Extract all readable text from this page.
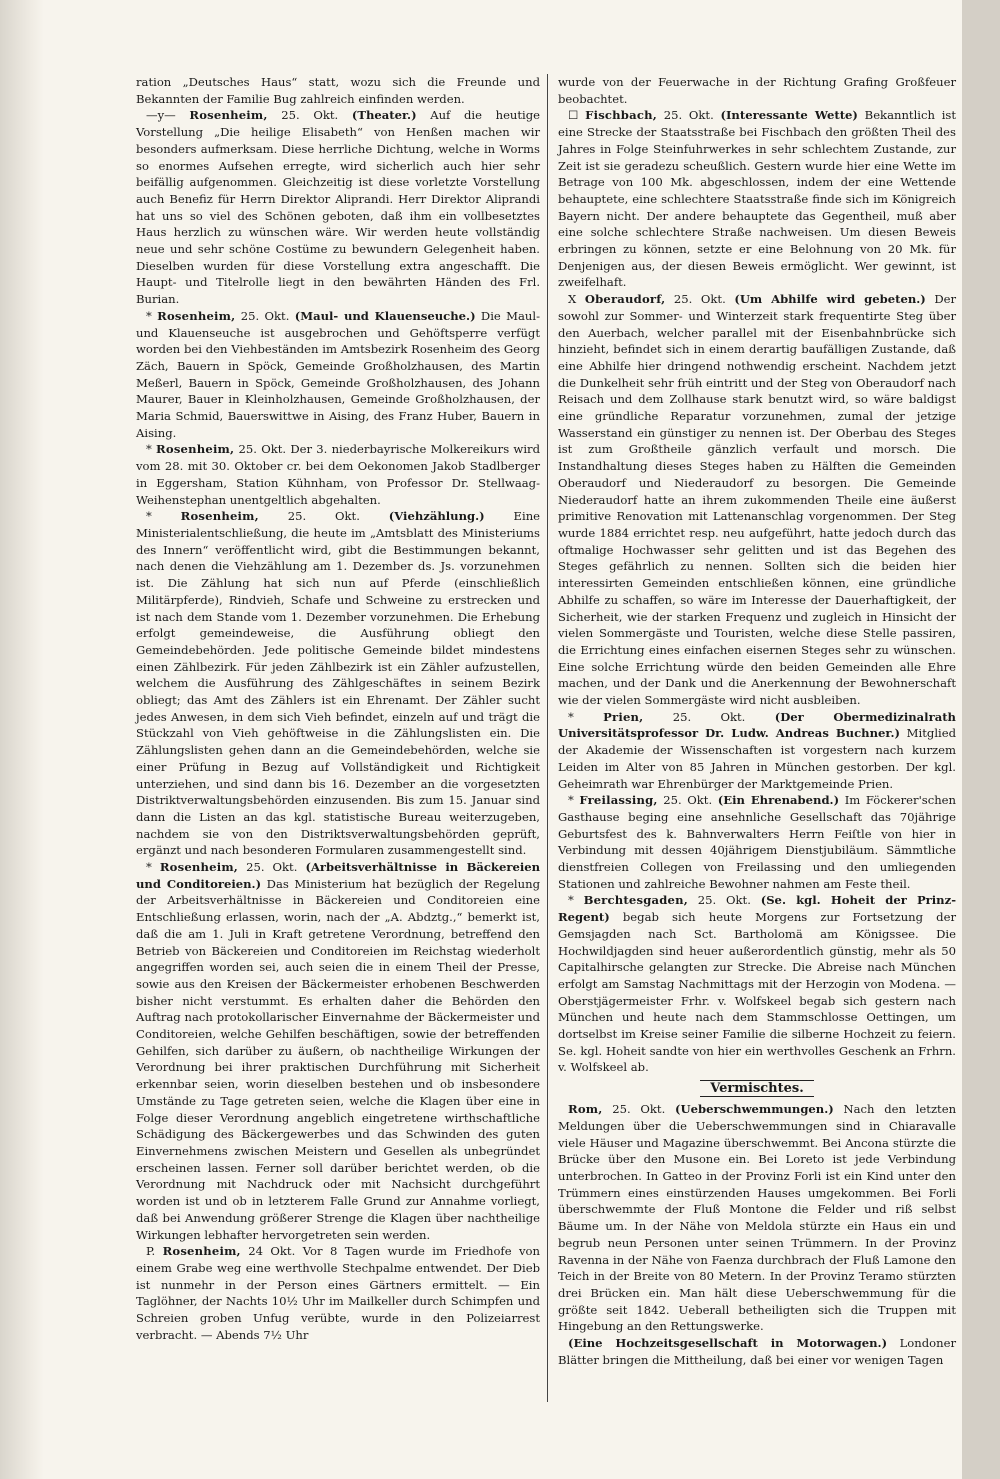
ration „Deutsches Haus“ statt, wozu sich die Freunde und Bekannten der Familie Bug zahlreich einfinden werden.

—y— Rosenheim, 25. Okt. (Theater.) Auf die heutige Vorstellung „Die heilige Elisabeth“ von Henßen machen wir besonders aufmerksam. Diese herrliche Dichtung, welche in Worms so enormes Aufsehen erregte, wird sicherlich auch hier sehr beifällig aufgenommen. Gleichzeitig ist diese vorletzte Vorstellung auch Benefiz für Herrn Direktor Aliprandi. Herr Direktor Aliprandi hat uns so viel des Schönen geboten, daß ihm ein vollbesetztes Haus herzlich zu wünschen wäre. Wir werden heute vollständig neue und sehr schöne Costüme zu bewundern Gelegenheit haben. Dieselben wurden für diese Vorstellung extra angeschafft. Die Haupt- und Titelrolle liegt in den bewährten Händen des Frl. Burian.

* Rosenheim, 25. Okt. (Maul- und Klauenseuche.) Die Maul- und Klauenseuche ist ausgebrochen und Gehöftsperre verfügt worden bei den Viehbeständen im Amtsbezirk Rosenheim des Georg Zäch, Bauern in Spöck, Gemeinde Großholzhausen, des Martin Meßerl, Bauern in Spöck, Gemeinde Großholzhausen, des Johann Maurer, Bauer in Kleinholzhausen, Gemeinde Großholzhausen, der Maria Schmid, Bauerswittwe in Aising, des Franz Huber, Bauern in Aising.

* Rosenheim, 25. Okt. Der 3. niederbayrische Molkereikurs wird vom 28. mit 30. Oktober cr. bei dem Oekonomen Jakob Stadlberger in Eggersham, Station Kühnham, von Professor Dr. Stellwaag-Weihenstephan unentgeltlich abgehalten.

* Rosenheim, 25. Okt. (Viehzählung.) Eine Ministerialentschließung, die heute im „Amtsblatt des Ministeriums des Innern“ veröffentlicht wird, gibt die Bestimmungen bekannt, nach denen die Viehzählung am 1. Dezember ds. Js. vorzunehmen ist. Die Zählung hat sich nun auf Pferde (einschließlich Militärpferde), Rindvieh, Schafe und Schweine zu erstrecken und ist nach dem Stande vom 1. Dezember vorzunehmen. Die Erhebung erfolgt gemeindeweise, die Ausführung obliegt den Gemeindebehörden. Jede politische Gemeinde bildet mindestens einen Zählbezirk. Für jeden Zählbezirk ist ein Zähler aufzustellen, welchem die Ausführung des Zählgeschäftes in seinem Bezirk obliegt; das Amt des Zählers ist ein Ehrenamt. Der Zähler sucht jedes Anwesen, in dem sich Vieh befindet, einzeln auf und trägt die Stückzahl von Vieh gehöftweise in die Zählungslisten ein. Die Zählungslisten gehen dann an die Gemeindebehörden, welche sie einer Prüfung in Bezug auf Vollständigkeit und Richtigkeit unterziehen, und sind dann bis 16. Dezember an die vorgesetzten Distriktverwaltungsbehörden einzusenden. Bis zum 15. Januar sind dann die Listen an das kgl. statistische Bureau weiterzugeben, nachdem sie von den Distriktsverwaltungsbehörden geprüft, ergänzt und nach besonderen Formularen zusammengestellt sind.

* Rosenheim, 25. Okt. (Arbeitsverhältnisse in Bäckereien und Conditoreien.) Das Ministerium hat bezüglich der Regelung der Arbeitsverhältnisse in Bäckereien und Conditoreien eine Entschließung erlassen, worin, nach der „A. Abdztg.,“ bemerkt ist, daß die am 1. Juli in Kraft getretene Verordnung, betreffend den Betrieb von Bäckereien und Conditoreien im Reichstag wiederholt angegriffen worden sei, auch seien die in einem Theil der Presse, sowie aus den Kreisen der Bäckermeister erhobenen Beschwerden bisher nicht verstummt. Es erhalten daher die Behörden den Auftrag nach protokollarischer Einvernahme der Bäckermeister und Conditoreien, welche Gehilfen beschäftigen, sowie der betreffenden Gehilfen, sich darüber zu äußern, ob nachtheilige Wirkungen der Verordnung bei ihrer praktischen Durchführung mit Sicherheit erkennbar seien, worin dieselben bestehen und ob insbesondere Umstände zu Tage getreten seien, welche die Klagen über eine in Folge dieser Verordnung angeblich eingetretene wirthschaftliche Schädigung des Bäckergewerbes und das Schwinden des guten Einvernehmens zwischen Meistern und Gesellen als unbegründet erscheinen lassen. Ferner soll darüber berichtet werden, ob die Verordnung mit Nachdruck oder mit Nachsicht durchgeführt worden ist und ob in letzterem Falle Grund zur Annahme vorliegt, daß bei Anwendung größerer Strenge die Klagen über nachtheilige Wirkungen lebhafter hervorgetreten sein werden.

P. Rosenheim, 24 Okt. Vor 8 Tagen wurde im Friedhofe von einem Grabe weg eine werthvolle Stechpalme entwendet. Der Dieb ist nunmehr in der Person eines Gärtners ermittelt. — Ein Taglöhner, der Nachts 10½ Uhr im Mailkeller durch Schimpfen und Schreien groben Unfug verübte, wurde in den Polizeiarrest verbracht. — Abends 7½ Uhr

wurde von der Feuerwache in der Richtung Grafing Großfeuer beobachtet.

☐ Fischbach, 25. Okt. (Interessante Wette) Bekanntlich ist eine Strecke der Staatsstraße bei Fischbach den größten Theil des Jahres in Folge Steinfuhrwerkes in sehr schlechtem Zustande, zur Zeit ist sie geradezu scheußlich. Gestern wurde hier eine Wette im Betrage von 100 Mk. abgeschlossen, indem der eine Wettende behauptete, eine schlechtere Staatsstraße finde sich im Königreich Bayern nicht. Der andere behauptete das Gegentheil, muß aber eine solche schlechtere Straße nachweisen. Um diesen Beweis erbringen zu können, setzte er eine Belohnung von 20 Mk. für Denjenigen aus, der diesen Beweis ermöglicht. Wer gewinnt, ist zweifelhaft.

X Oberaudorf, 25. Okt. (Um Abhilfe wird gebeten.) Der sowohl zur Sommer- und Winterzeit stark frequentirte Steg über den Auerbach, welcher parallel mit der Eisenbahnbrücke sich hinzieht, befindet sich in einem derartig baufälligen Zustande, daß eine Abhilfe hier dringend nothwendig erscheint. Nachdem jetzt die Dunkelheit sehr früh eintritt und der Steg von Oberaudorf nach Reisach und dem Zollhause stark benutzt wird, so wäre baldigst eine gründliche Reparatur vorzunehmen, zumal der jetzige Wasserstand ein günstiger zu nennen ist. Der Oberbau des Steges ist zum Großtheile gänzlich verfault und morsch. Die Instandhaltung dieses Steges haben zu Hälften die Gemeinden Oberaudorf und Niederaudorf zu besorgen. Die Gemeinde Niederaudorf hatte an ihrem zukommenden Theile eine äußerst primitive Renovation mit Lattenanschlag vorgenommen. Der Steg wurde 1884 errichtet resp. neu aufgeführt, hatte jedoch durch das oftmalige Hochwasser sehr gelitten und ist das Begehen des Steges gefährlich zu nennen. Sollten sich die beiden hier interessirten Gemeinden entschließen können, eine gründliche Abhilfe zu schaffen, so wäre im Interesse der Dauerhaftigkeit, der Sicherheit, wie der starken Frequenz und zugleich in Hinsicht der vielen Sommergäste und Touristen, welche diese Stelle passiren, die Errichtung eines einfachen eisernen Steges sehr zu wünschen. Eine solche Errichtung würde den beiden Gemeinden alle Ehre machen, und der Dank und die Anerkennung der Bewohnerschaft wie der vielen Sommergäste wird nicht ausbleiben.

*	Prien,	25. Okt.	(Der Obermedizinalrath Universitätsprofessor Dr. Ludw. Andreas Buchner.) Mitglied der Akademie der Wissenschaften ist vorgestern nach kurzem Leiden im Alter von 85 Jahren in München gestorben. Der kgl. Geheimrath war Ehrenbürger der Marktgemeinde Prien.

* Freilassing, 25. Okt. (Ein Ehrenabend.) Im Föckerer'schen Gasthause beging eine ansehnliche Gesellschaft das 70jährige Geburtsfest des k. Bahnverwalters Herrn Feiſtle von hier in Verbindung mit dessen 40jährigem Dienstjubiläum. Sämmtliche dienstfreien Collegen von Freilassing und den umliegenden Stationen und zahlreiche Bewohner nahmen am Feste theil.

* Berchtesgaden, 25. Okt. (Se. kgl. Hoheit der Prinz-Regent) begab sich heute Morgens zur Fortsetzung der Gemsjagden nach Sct. Bartholomä am Königssee. Die Hochwildjagden sind heuer außerordentlich günstig, mehr als 50 Capitalhirsche gelangten zur Strecke. Die Abreise nach München erfolgt am Samstag Nachmittags mit der Herzogin von Modena. — Oberstjägermeister Frhr. v. Wolfskeel begab sich gestern nach München und heute nach dem Stammschlosse Oettingen, um dortselbst im Kreise seiner Familie die silberne Hochzeit zu feiern. Se. kgl. Hoheit sandte von hier ein werthvolles Geschenk an Frhrn. v. Wolfskeel ab.

Vermischtes.

Rom, 25. Okt. (Ueberschwemmungen.) Nach den letzten Meldungen über die Ueberschwemmungen sind in Chiaravalle viele Häuser und Magazine überschwemmt. Bei Ancona stürzte die Brücke über den Musone ein. Bei Loreto ist jede Verbindung unterbrochen. In Gatteo in der Provinz Forli ist ein Kind unter den Trümmern eines einstürzenden Hauses umgekommen. Bei Forli überschwemmte der Fluß Montone die Felder und riß selbst Bäume um. In der Nähe von Meldola stürzte ein Haus ein und begrub neun Personen unter seinen Trümmern. In der Provinz Ravenna in der Nähe von Faenza durchbrach der Fluß Lamone den Teich in der Breite von 80 Metern. In der Provinz Teramo stürzten drei Brücken ein. Man hält diese Ueberschwemmung für die größte seit 1842. Ueberall betheiligten sich die Truppen mit Hingebung an den Rettungswerke.

(Eine Hochzeitsgesellschaft in Motorwagen.) Londoner Blätter bringen die Mittheilung, daß bei einer vor wenigen Tagen
